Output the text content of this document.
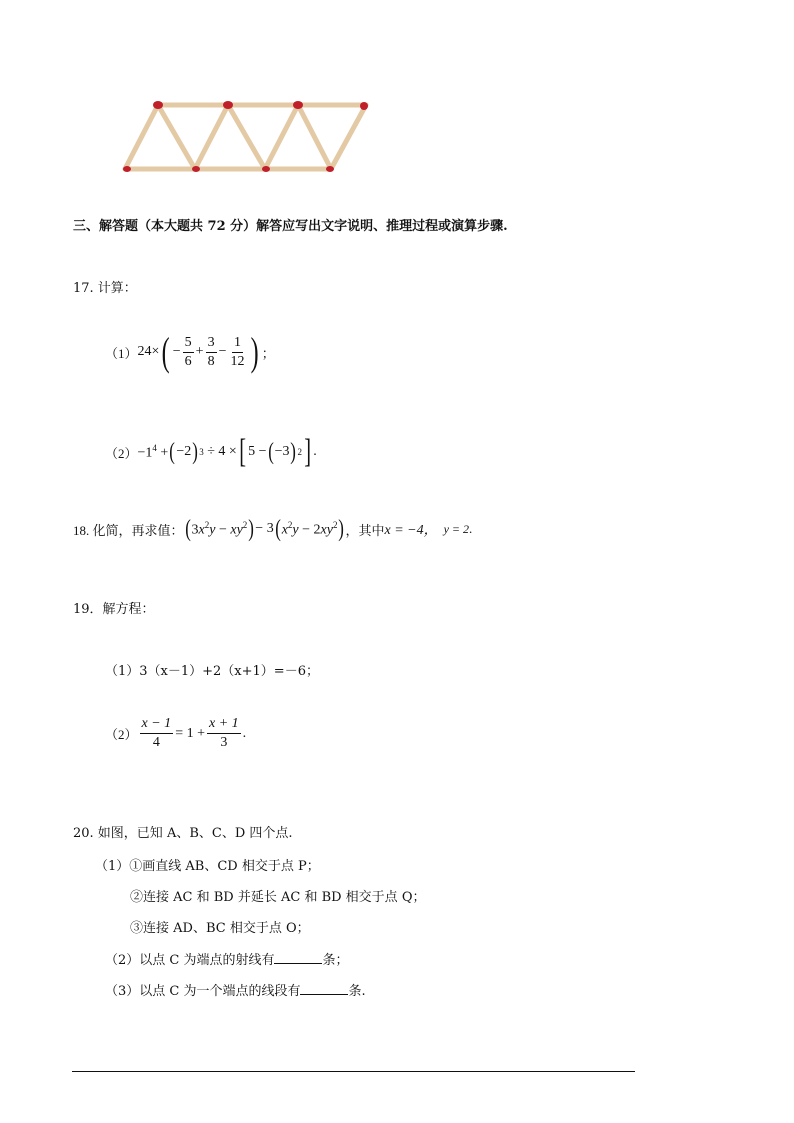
三、解答题（本大题共 72 分）解答应写出文字说明、推理过程或演算步骤.
17. 计算：
（1） 24× ( − $\frac{5}{6} + \frac{3}{8} - \frac{1}{12}$ ) ；
$(2) -1^4$ + ( −2 ) 3 ÷ 4 × [ 5 − ( −3 ) 2 ] .
18. 化简，再求值： ( $3x^2y - xy^2$ ) − 3 ( $x^2y - 2xy^2$ ) ，其中 x = −4， y = 2 .
19．解方程：
（1）3（x－1）+2（x+1）=－6；
$(2) \frac{x - 1}{4} = 1 + \frac{x + 1}{3}$ .
20. 如图，已知 A、B、C、D 四个点.
（1）①画直线 AB、CD 相交于点 P；
②连接 AC 和 BD 并延长 AC 和 BD 相交于点 Q；
③连接 AD、BC 相交于点 O；
（2）以点 C 为端点的射线有	条；
（3）以点 C 为一个端点的线段有	条.
